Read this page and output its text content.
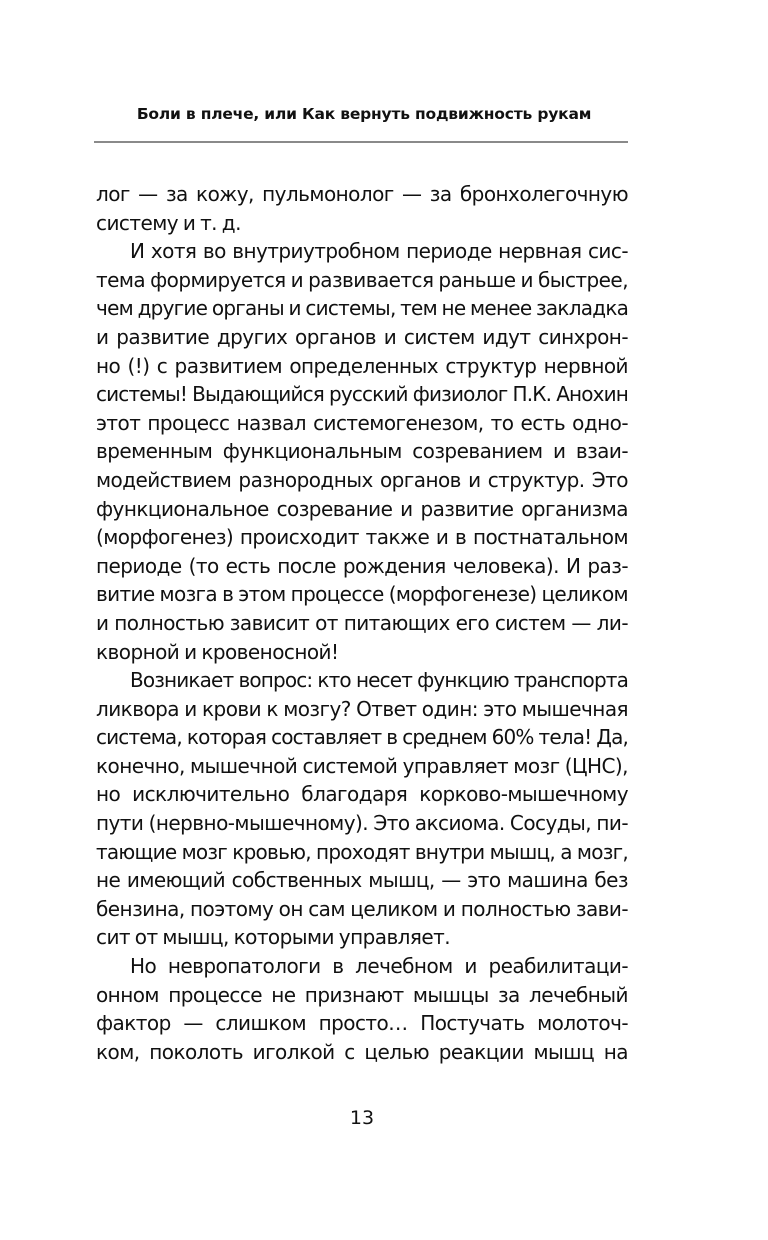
Боли в плече, или Как вернуть подвижность рукам

лог — за кожу, пульмонолог — за бронхолегочную
систему и т. д.

И хотя во внутриутробном периоде нервная сис-
тема формируется и развивается раньше и быстрее,
чем другие органы и системы, тем не менее закладка
и развитие других органов и систем идут синхрон-
но (!) с развитием определенных структур нервной
системы! Выдающийся русский физиолог П.К. Анохин
этот процесс назвал системогенезом, то есть одно-
временным функциональным созреванием и взаи-
модействием разнородных органов и структур. Это
функциональное созревание и развитие организма
(морфогенез) происходит также и в постнатальном
периоде (то есть после рождения человека). И раз-
витие мозга в этом процессе (морфогенезе) целиком
и полностью зависит от питающих его систем — ли-
кворной и кровеносной!

Возникает вопрос: кто несет функцию транспорта
ликвора и крови к мозгу? Ответ один: это мышечная
система, которая составляет в среднем 60% тела! Да,
конечно, мышечной системой управляет мозг (ЦНС),
но исключительно благодаря корково-мышечному
пути (нервно-мышечному). Это аксиома. Сосуды, пи-
тающие мозг кровью, проходят внутри мышц, а мозг,
не имеющий собственных мышц, — это машина без
бензина, поэтому он сам целиком и полностью зави-
сит от мышц, которыми управляет.

Но невропатологи в лечебном и реабилитаци-
онном процессе не признают мышцы за лечебный
фактор — слишком просто… Постучать молоточ-
ком, поколоть иголкой с целью реакции мышц на

13
